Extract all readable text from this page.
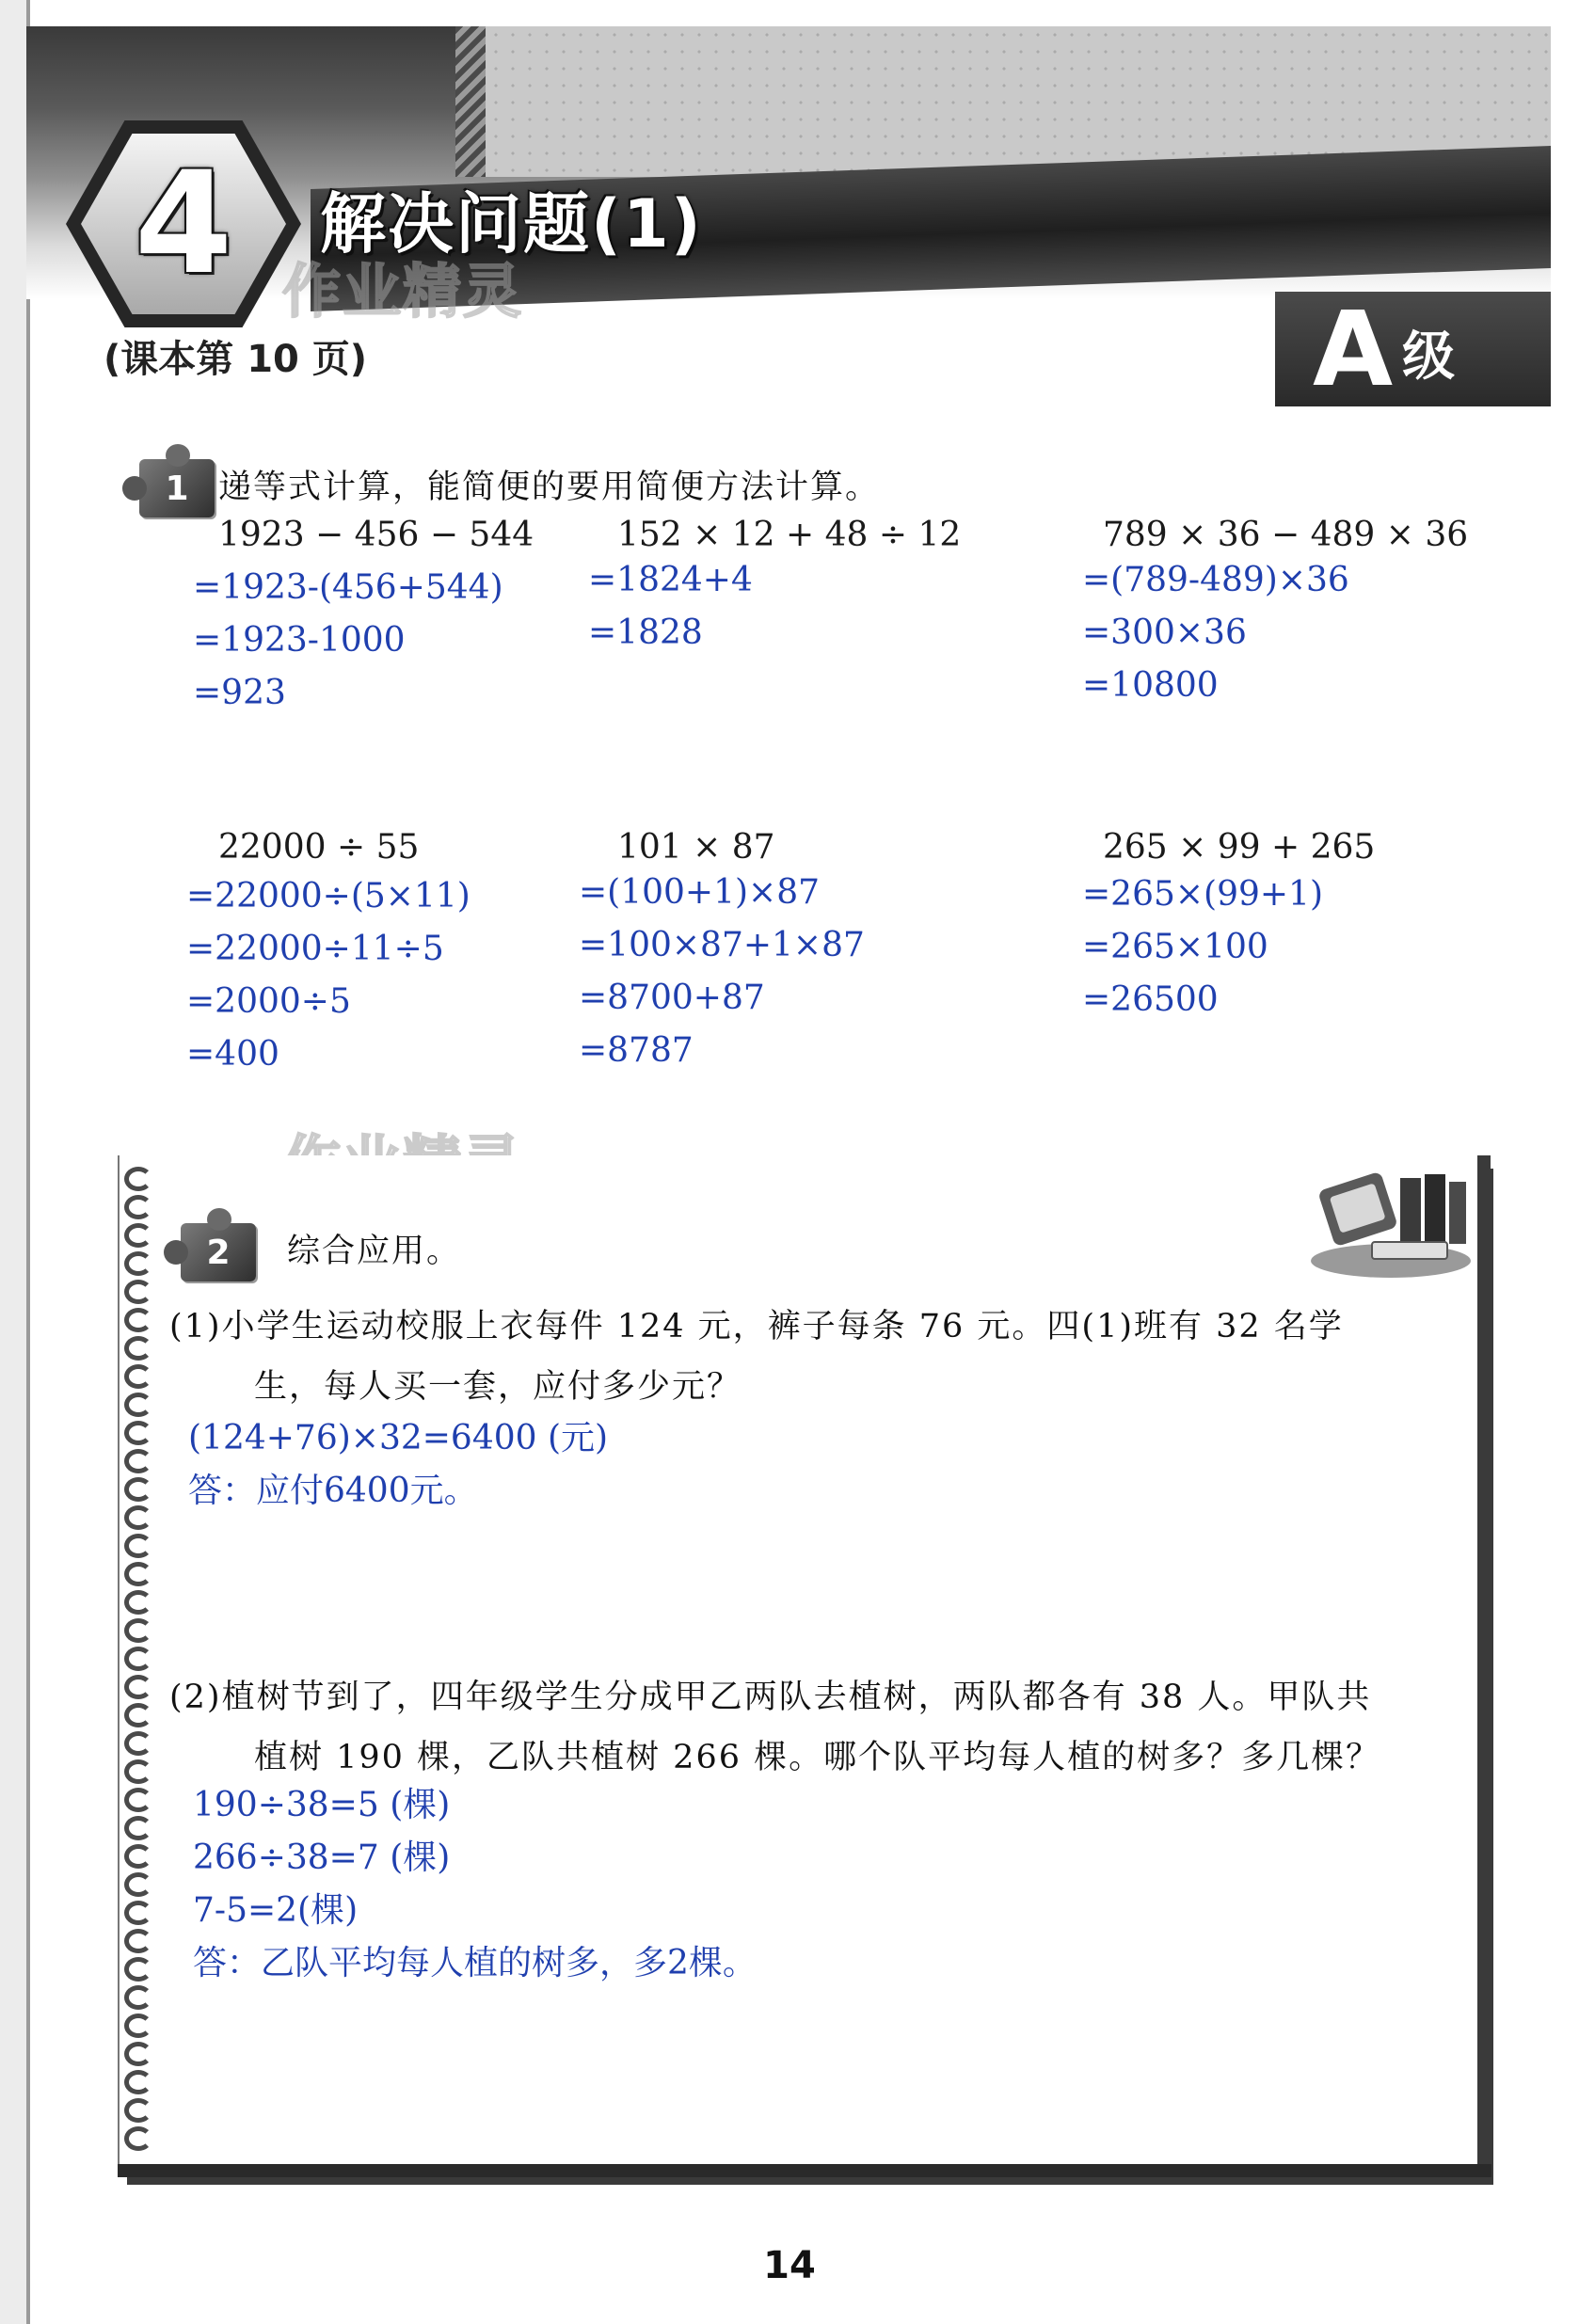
4	解决问题(1)
作业精灵
(课本第 10 页)	A 级
1 递等式计算，能简便的要用简便方法计算。
1923 − 456 − 544
=1923-(456+544)
=1923-1000
=923
152 × 12 + 48 ÷ 12
=1824+4
=1828
789 × 36 − 489 × 36
=(789-489)×36
=300×36
=10800
22000 ÷ 55
=22000÷(5×11)
=22000÷11÷5
=2000÷5
=400
101 × 87
=(100+1)×87
=100×87+1×87
=8700+87
=8787
265 × 99 + 265
=265×(99+1)
=265×100
=26500
2	综合应用。
(1)小学生运动校服上衣每件 124 元，裤子每条 76 元。四(1)班有 32 名学
生，每人买一套，应付多少元？
(124+76)×32=6400 (元)
答：应付6400元。
(2)植树节到了，四年级学生分成甲乙两队去植树，两队都各有 38 人。甲队共
植树 190 棵，乙队共植树 266 棵。哪个队平均每人植的树多？多几棵？
190÷38=5 (棵)
266÷38=7 (棵)
7-5=2(棵)
答：乙队平均每人植的树多，多2棵。
14
